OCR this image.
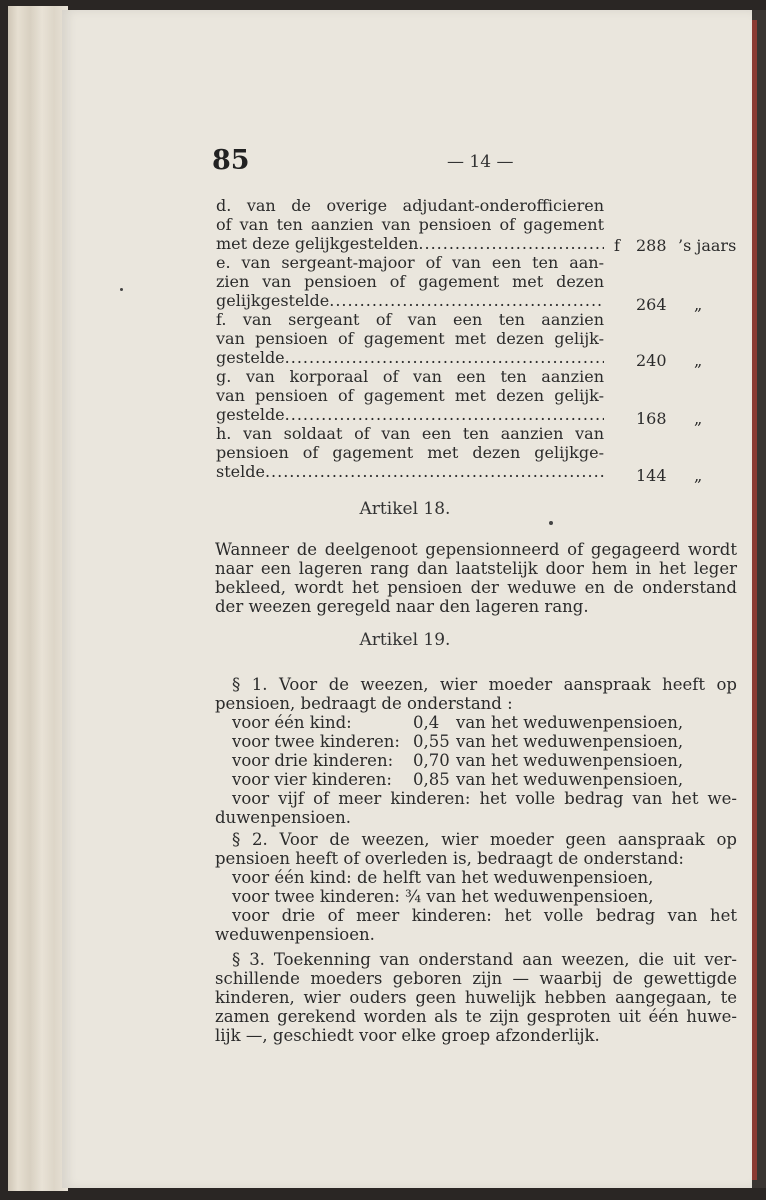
85	— 14 —
d. van de overige adjudant-onderofficieren
of van ten aanzien van pensioen of gagement
met deze gelijkgestelden .....	f 288 ’s jaars
e. van sergeant-majoor of van een ten aan-
zien van pensioen of gagement met dezen
gelijkgestelde .....	264 „
f. van sergeant of van een ten aanzien
van pensioen of gagement met dezen gelijk-
gestelde .....	240 „
g. van korporaal of van een ten aanzien
van pensioen of gagement met dezen gelijk-
gestelde .....	168 „
h. van soldaat of van een ten aanzien van
pensioen of gagement met dezen gelijkge-
stelde .....	144 „
Artikel 18.
Wanneer de deelgenoot gepensionneerd of gegageerd wordt
naar een lageren rang dan laatstelijk door hem in het leger
bekleed, wordt het pensioen der weduwe en de onderstand
der weezen geregeld naar den lageren rang.
Artikel 19.
§ 1. Voor de weezen, wier moeder aanspraak heeft op
pensioen, bedraagt de onderstand :
voor één kind:	0,4 van het weduwenpensioen,
voor twee kinderen: 0,55 van het weduwenpensioen,
voor drie kinderen: 0,70 van het weduwenpensioen,
voor vier kinderen: 0,85 van het weduwenpensioen,
voor vijf of meer kinderen: het volle bedrag van het we-
duwenpensioen.
§ 2. Voor de weezen, wier moeder geen aanspraak op
pensioen heeft of overleden is, bedraagt de onderstand:
voor één kind: de helft van het weduwenpensioen,
voor twee kinderen: ¾ van het weduwenpensioen,
voor drie of meer kinderen: het volle bedrag van het
weduwenpensioen.
§ 3. Toekenning van onderstand aan weezen, die uit ver-
schillende moeders geboren zijn — waarbij de gewettigde
kinderen, wier ouders geen huwelijk hebben aangegaan, te
zamen gerekend worden als te zijn gesproten uit één huwe-
lijk —, geschiedt voor elke groep afzonderlijk.
